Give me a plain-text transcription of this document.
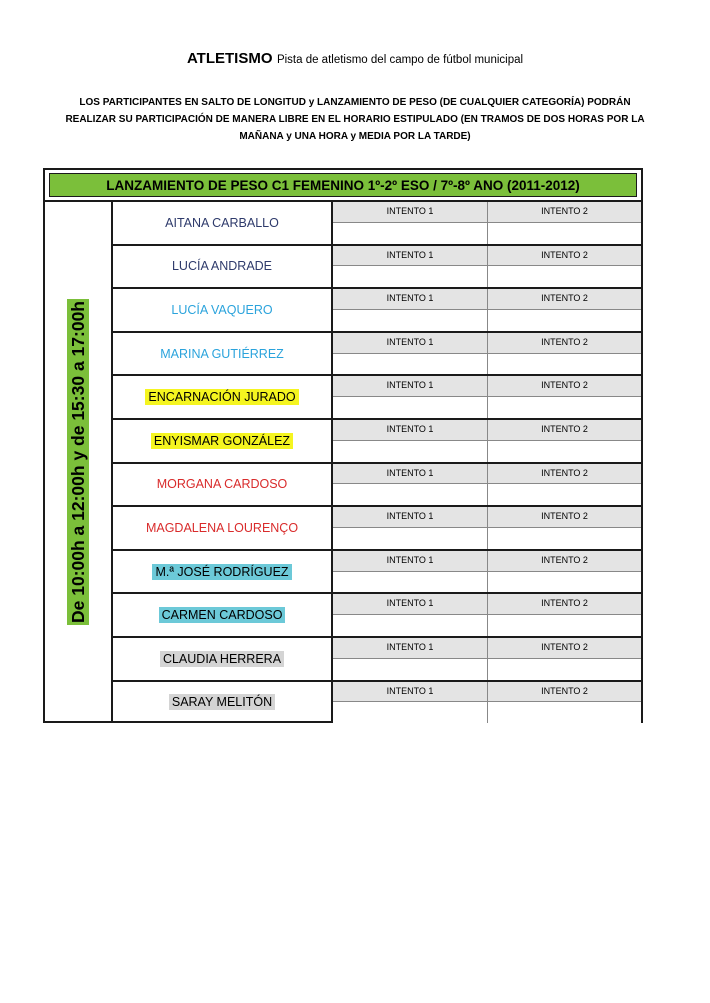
ATLETISMO Pista de atletismo del campo de fútbol municipal
LOS PARTICIPANTES EN SALTO DE LONGITUD y LANZAMIENTO DE PESO (DE CUALQUIER CATEGORÍA) PODRÁN
REALIZAR SU PARTICIPACIÓN DE MANERA LIBRE EN EL HORARIO ESTIPULADO (EN TRAMOS DE DOS HORAS POR LA
MAÑANA y UNA HORA y MEDIA POR LA TARDE)
LANZAMIENTO DE PESO C1 FEMENINO 1º-2º ESO / 7º-8º ANO (2011-2012)
De 10:00h a 12:00h y de 15:30 a 17:00h
AITANA CARBALLO
INTENTO 1	INTENTO 2
LUCÍA ANDRADE
INTENTO 1	INTENTO 2
LUCÍA VAQUERO
INTENTO 1	INTENTO 2
MARINA GUTIÉRREZ
INTENTO 1	INTENTO 2
ENCARNACIÓN JURADO
INTENTO 1	INTENTO 2
ENYISMAR GONZÁLEZ
INTENTO 1	INTENTO 2
MORGANA CARDOSO
INTENTO 1	INTENTO 2
MAGDALENA LOURENÇO
INTENTO 1	INTENTO 2
M.ª JOSÉ RODRÍGUEZ
INTENTO 1	INTENTO 2
CARMEN CARDOSO
INTENTO 1	INTENTO 2
CLAUDIA HERRERA
INTENTO 1	INTENTO 2
SARAY MELITÓN
INTENTO 1	INTENTO 2
